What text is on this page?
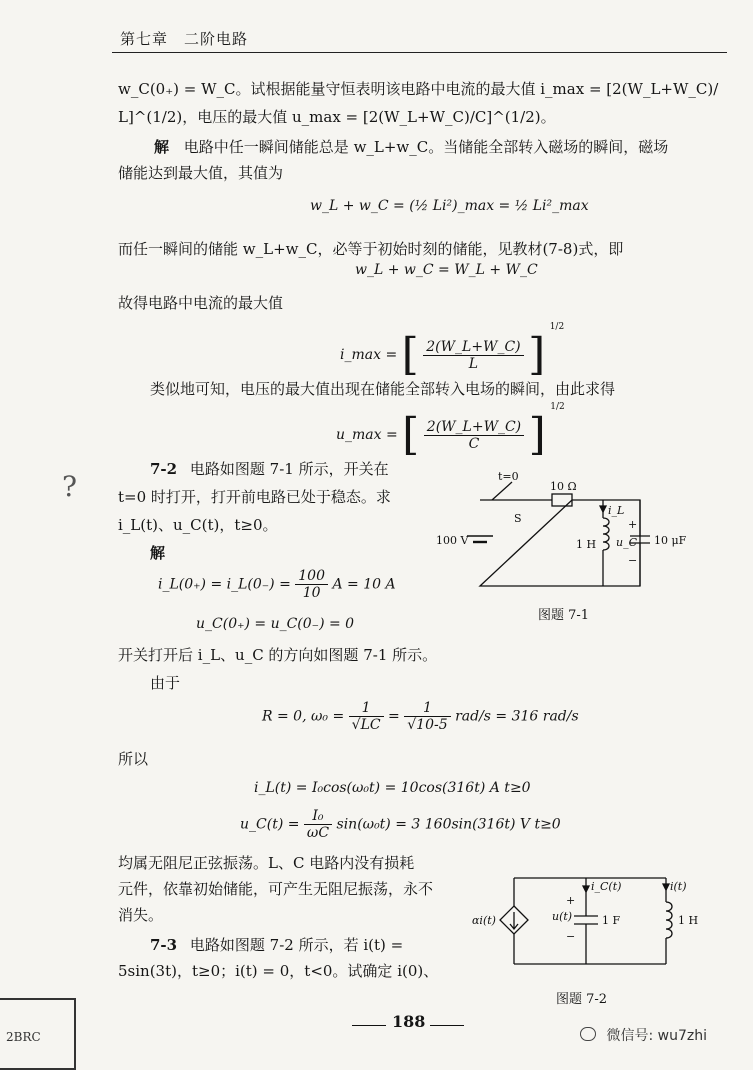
第七章　二阶电路
w_C(0₊) = W_C。试根据能量守恒表明该电路中电流的最大值 i_max = [2(W_L+W_C)/
L]^(1/2)，电压的最大值 u_max = [2(W_L+W_C)/C]^(1/2)。
解 电路中任一瞬间储能总是 w_L+w_C。当储能全部转入磁场的瞬间，磁场
储能达到最大值，其值为
w_L + w_C = (½ Li²)_max = ½ Li²_max
而任一瞬间的储能 w_L+w_C，必等于初始时刻的储能，见教材(7-8)式，即
w_L + w_C = W_L + W_C
故得电路中电流的最大值
i_max = [ $\frac{2(W\_L+W\_C)}{L}$ ] $^{1/2}$
类似地可知，电压的最大值出现在储能全部转入电场的瞬间，由此求得
u_max = [ $\frac{2(W\_L+W\_C)}{C}$ ] $^{1/2}$
7-2 电路如图题 7-1 所示，开关在
t=0 时打开，打开前电路已处于稳态。求
i_L(t)、u_C(t)，t≥0。
解
i_L(0₊) = i_L(0₋) = $\frac{100}{10}$ A = 10 A
u_C(0₊) = u_C(0₋) = 0
开关打开后 i_L、u_C 的方向如图题 7-1 所示。
由于
R = 0, $\omega_0 = \frac{1}{√LC} = \frac{1}{√10-5} rad/s = 316$ rad/s
所以
i_L(t) = I₀cos(ω₀t) = 10cos(316t) A t≥0
u_C(t) = $\frac{\text{I₀}}{\omega C} \sin(\omega_0t) = 3$ 160sin(316t) V t≥0
均属无阻尼正弦振荡。L、C 电路内没有损耗
元件，依靠初始储能，可产生无阻尼振荡，永不
消失。
7-3 电路如图题 7-2 所示，若 i(t) =
5sin(3t)，t≥0；i(t) = 0，t<0。试确定 i(0)、
t=0
S
10 Ω
100 V	1 H
i_L
u_C
+
−
10 μF
图题 7-1
αi(t)
i_C(t)
u(t)
+
−
1 F
i(t)
1 H
图题 7-2
?
2BRC
188
微信号: wu7zhi
